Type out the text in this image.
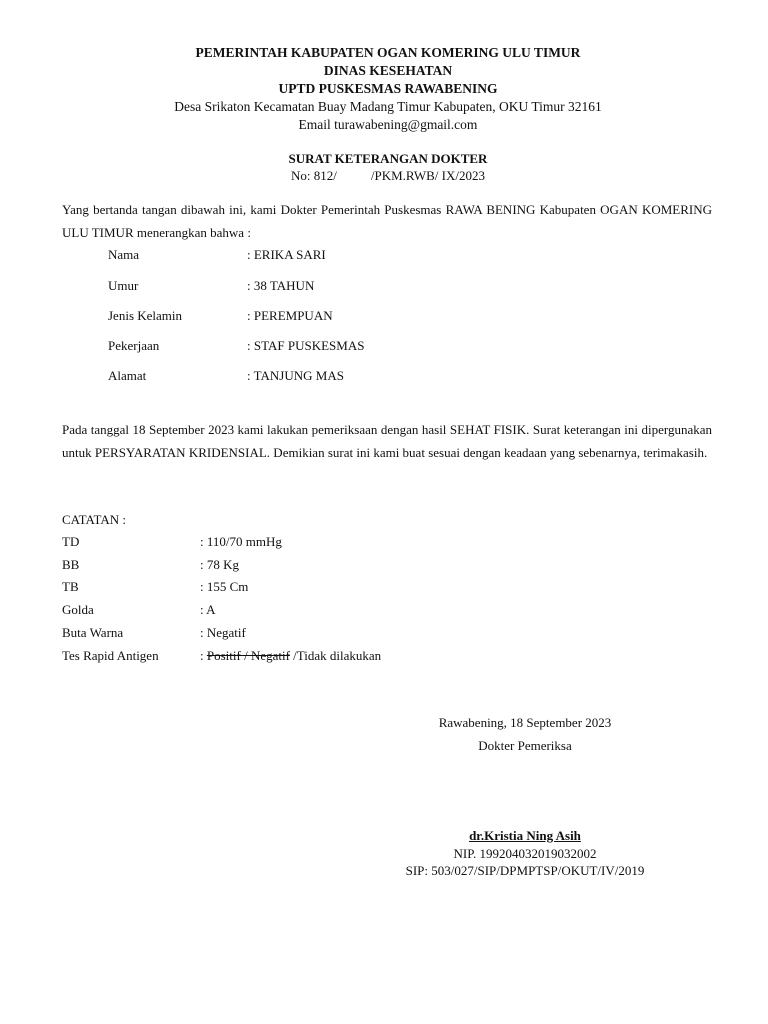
PEMERINTAH KABUPATEN OGAN KOMERING ULU TIMUR
DINAS KESEHATAN
UPTD PUSKESMAS RAWABENING
Desa Srikaton Kecamatan Buay Madang Timur Kabupaten, OKU Timur 32161
Email turawabening@gmail.com
SURAT KETERANGAN DOKTER
No: 812/	/PKM.RWB/ IX/2023
Yang bertanda tangan dibawah ini, kami Dokter Pemerintah Puskesmas RAWA BENING Kabupaten OGAN KOMERING ULU TIMUR menerangkan bahwa :
Nama	: ERIKA SARI
Umur	: 38 TAHUN
Jenis Kelamin	: PEREMPUAN
Pekerjaan	: STAF PUSKESMAS
Alamat	: TANJUNG MAS
Pada tanggal 18 September 2023 kami lakukan pemeriksaan dengan hasil SEHAT FISIK. Surat keterangan ini dipergunakan untuk PERSYARATAN KRIDENSIAL. Demikian surat ini kami buat sesuai dengan keadaan yang sebenarnya, terimakasih.
CATATAN :
TD	: 110/70 mmHg
BB	: 78 Kg
TB	: 155 Cm
Golda	: A
Buta Warna	: Negatif
Tes Rapid Antigen	: Positif / Negatif /Tidak dilakukan
Rawabening, 18 September 2023
Dokter Pemeriksa
dr.Kristia Ning Asih
NIP. 199204032019032002
SIP: 503/027/SIP/DPMPTSP/OKUT/IV/2019
